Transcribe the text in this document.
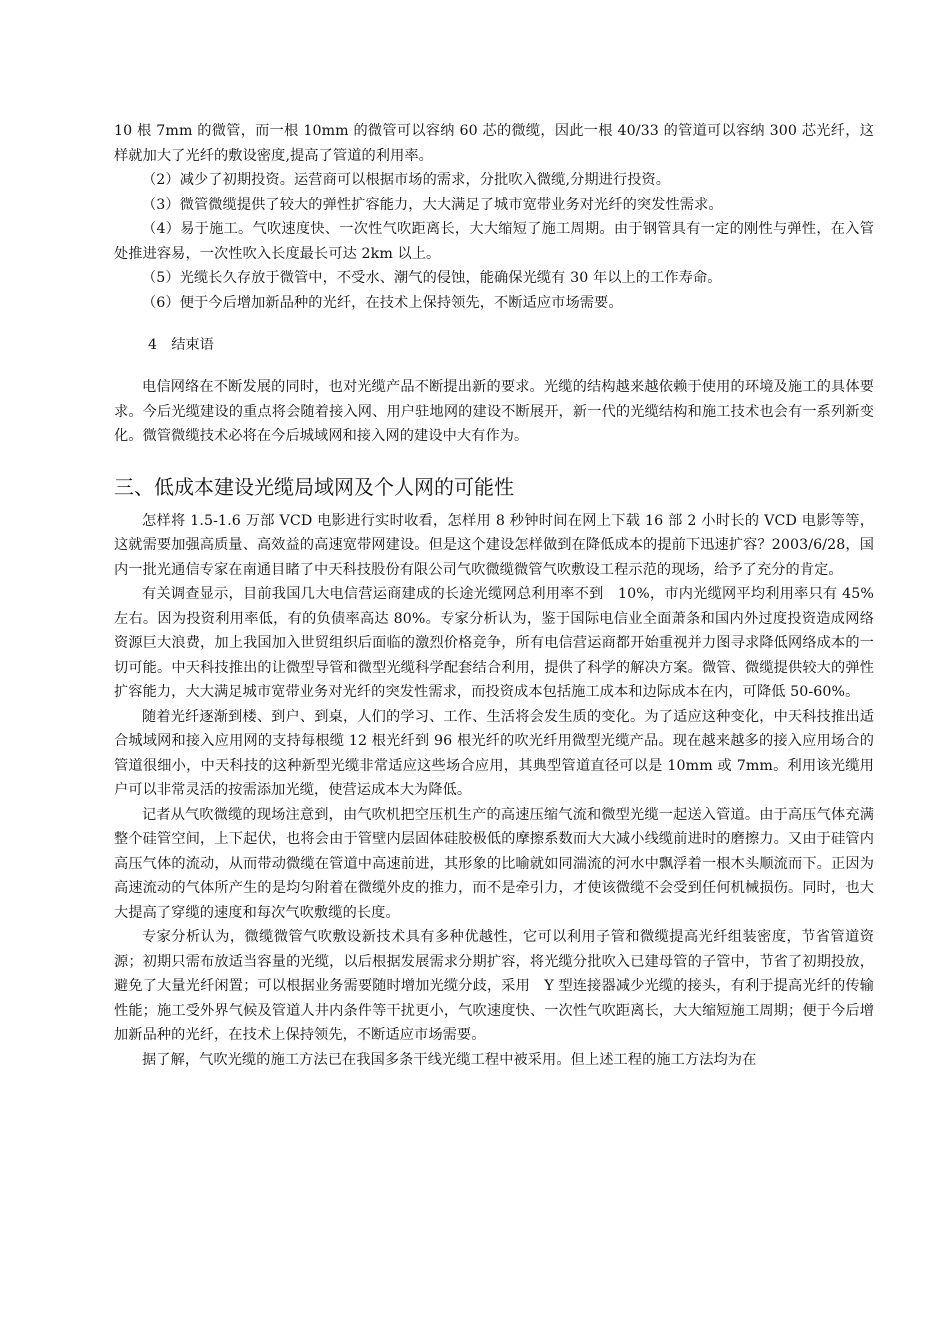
10 根 7mm 的微管，而一根 10mm 的微管可以容纳 60 芯的微缆，因此一根 40/33 的管道可以容纳 300 芯光纤，这样就加大了光纤的敷设密度,提高了管道的利用率。

（2）减少了初期投资。运营商可以根据市场的需求，分批吹入微缆,分期进行投资。

（3）微管微缆提供了较大的弹性扩容能力，大大满足了城市宽带业务对光纤的突发性需求。

（4）易于施工。气吹速度快、一次性气吹距离长，大大缩短了施工周期。由于钢管具有一定的刚性与弹性，在入管处推进容易，一次性吹入长度最长可达 2km 以上。

（5）光缆长久存放于微管中，不受水、潮气的侵蚀，能确保光缆有 30 年以上的工作寿命。

（6）便于今后增加新品种的光纤，在技术上保持领先，不断适应市场需要。

4　结束语

电信网络在不断发展的同时，也对光缆产品不断提出新的要求。光缆的结构越来越依赖于使用的环境及施工的具体要求。今后光缆建设的重点将会随着接入网、用户驻地网的建设不断展开，新一代的光缆结构和施工技术也会有一系列新变化。微管微缆技术必将在今后城域网和接入网的建设中大有作为。

三、低成本建设光缆局域网及个人网的可能性

怎样将 1.5-1.6 万部 VCD 电影进行实时收看，怎样用 8 秒钟时间在网上下载 16 部 2 小时长的 VCD 电影等等，这就需要加强高质量、高效益的高速宽带网建设。但是这个建设怎样做到在降低成本的提前下迅速扩容？2003/6/28，国内一批光通信专家在南通目睹了中天科技股份有限公司气吹微缆微管气吹敷设工程示范的现场，给予了充分的肯定。

有关调查显示，目前我国几大电信营运商建成的长途光缆网总利用率不到　10%，市内光缆网平均利用率只有 45%左右。因为投资利用率低，有的负债率高达 80%。专家分析认为，鉴于国际电信业全面萧条和国内外过度投资造成网络资源巨大浪费，加上我国加入世贸组织后面临的激烈价格竞争，所有电信营运商都开始重视并力图寻求降低网络成本的一切可能。中天科技推出的让微型导管和微型光缆科学配套结合利用，提供了科学的解决方案。微管、微缆提供较大的弹性扩容能力，大大满足城市宽带业务对光纤的突发性需求，而投资成本包括施工成本和边际成本在内，可降低 50-60%。

随着光纤逐渐到楼、到户、到桌，人们的学习、工作、生活将会发生质的变化。为了适应这种变化，中天科技推出适合城域网和接入应用网的支持每根缆 12 根光纤到 96 根光纤的吹光纤用微型光缆产品。现在越来越多的接入应用场合的管道很细小，中天科技的这种新型光缆非常适应这些场合应用，其典型管道直径可以是 10mm 或 7mm。利用该光缆用户可以非常灵活的按需添加光缆，使营运成本大为降低。

记者从气吹微缆的现场注意到，由气吹机把空压机生产的高速压缩气流和微型光缆一起送入管道。由于高压气体充满整个硅管空间，上下起伏，也将会由于管壁内层固体硅胶极低的摩擦系数而大大减小线缆前进时的磨擦力。又由于硅管内高压气体的流动，从而带动微缆在管道中高速前进，其形象的比喻就如同湍流的河水中飘浮着一根木头顺流而下。正因为高速流动的气体所产生的是均匀附着在微缆外皮的推力，而不是牵引力，才使该微缆不会受到任何机械损伤。同时，也大大提高了穿缆的速度和每次气吹敷缆的长度。

专家分析认为，微缆微管气吹敷设新技术具有多种优越性，它可以利用子管和微缆提高光纤组装密度，节省管道资源；初期只需布放适当容量的光缆，以后根据发展需求分期扩容，将光缆分批吹入已建母管的子管中，节省了初期投放，避免了大量光纤闲置；可以根据业务需要随时增加光缆分歧，采用　Y 型连接器减少光缆的接头，有利于提高光纤的传输性能；施工受外界气候及管道人井内条件等干扰更小，气吹速度快、一次性气吹距离长，大大缩短施工周期；便于今后增加新品种的光纤，在技术上保持领先，不断适应市场需要。

据了解，气吹光缆的施工方法已在我国多条干线光缆工程中被采用。但上述工程的施工方法均为在
